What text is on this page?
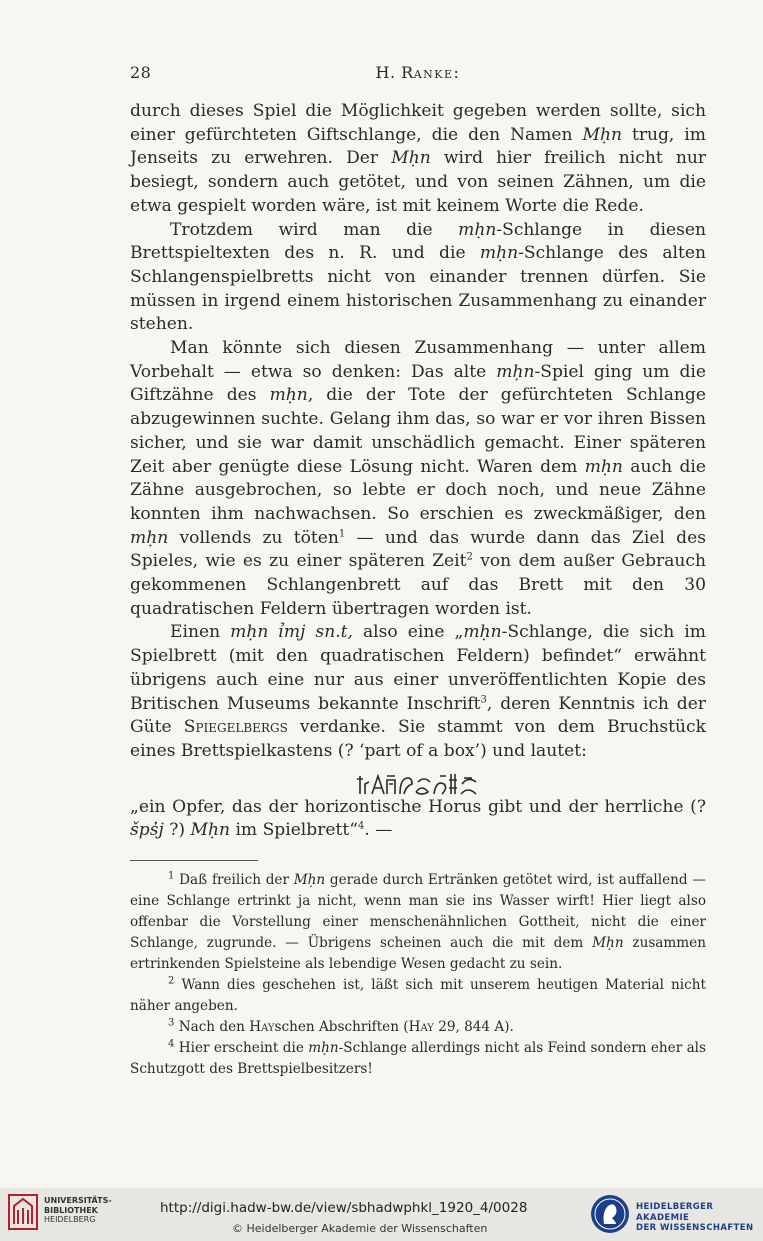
28	H. Ranke:

durch dieses Spiel die Möglichkeit gegeben werden sollte, sich einer gefürchteten Giftschlange, die den Namen Mḥn trug, im Jenseits zu erwehren. Der Mḥn wird hier freilich nicht nur besiegt, sondern auch getötet, und von seinen Zähnen, um die etwa gespielt worden wäre, ist mit keinem Worte die Rede.

Trotzdem wird man die mḥn-Schlange in diesen Brettspieltexten des n. R. und die mḥn-Schlange des alten Schlangenspielbretts nicht von einander trennen dürfen. Sie müssen in irgend einem historischen Zusammenhang zu einander stehen.

Man könnte sich diesen Zusammenhang — unter allem Vorbehalt — etwa so denken: Das alte mḥn-Spiel ging um die Giftzähne des mḥn, die der Tote der gefürchteten Schlange abzugewinnen suchte. Gelang ihm das, so war er vor ihren Bissen sicher, und sie war damit unschädlich gemacht. Einer späteren Zeit aber genügte diese Lösung nicht. Waren dem mḥn auch die Zähne ausgebrochen, so lebte er doch noch, und neue Zähne konnten ihm nachwachsen. So erschien es zweckmäßiger, den mḥn vollends zu töten$^1$ — und das wurde dann das Ziel des Spieles, wie es zu einer späteren Zeit$^2$ von dem außer Gebrauch gekommenen Schlangenbrett auf das Brett mit den 30 quadratischen Feldern übertragen worden ist.

Einen mḥn ỉmj sn.t, also eine „mḥn-Schlange, die sich im Spielbrett (mit den quadratischen Feldern) befindet“ erwähnt übrigens auch eine nur aus einer unveröffentlichten Kopie des Britischen Museums bekannte Inschrift$^3$, deren Kenntnis ich der Güte Spiegelbergs verdanke. Sie stammt von dem Bruchstück eines Brettspielkastens (? ‘part of a box’) und lautet:

„ein Opfer, das der horizontische Horus gibt und der herrliche (? šps̓j ?) Mḥn im Spielbrett“$^4$. —

$^1$ Daß freilich der Mḥn gerade durch Ertränken getötet wird, ist auffallend — eine Schlange ertrinkt ja nicht, wenn man sie ins Wasser wirft! Hier liegt also offenbar die Vorstellung einer menschenähnlichen Gottheit, nicht die einer Schlange, zugrunde. — Übrigens scheinen auch die mit dem Mḥn zusammen ertrinkenden Spielsteine als lebendige Wesen gedacht zu sein.

$^2$ Wann dies geschehen ist, läßt sich mit unserem heutigen Material nicht näher angeben.

$^3$ Nach den Hayschen Abschriften (Hay 29, 844 A).

$^4$ Hier erscheint die mḥn-Schlange allerdings nicht als Feind sondern eher als Schutzgott des Brettspielbesitzers!

UNIVERSITÄTS-
BIBLIOTHEK
HEIDELBERG
http://digi.hadw-bw.de/view/sbhadwphkl_1920_4/0028
© Heidelberger Akademie der Wissenschaften
HEIDELBERGER AKADEMIE
DER WISSENSCHAFTEN
